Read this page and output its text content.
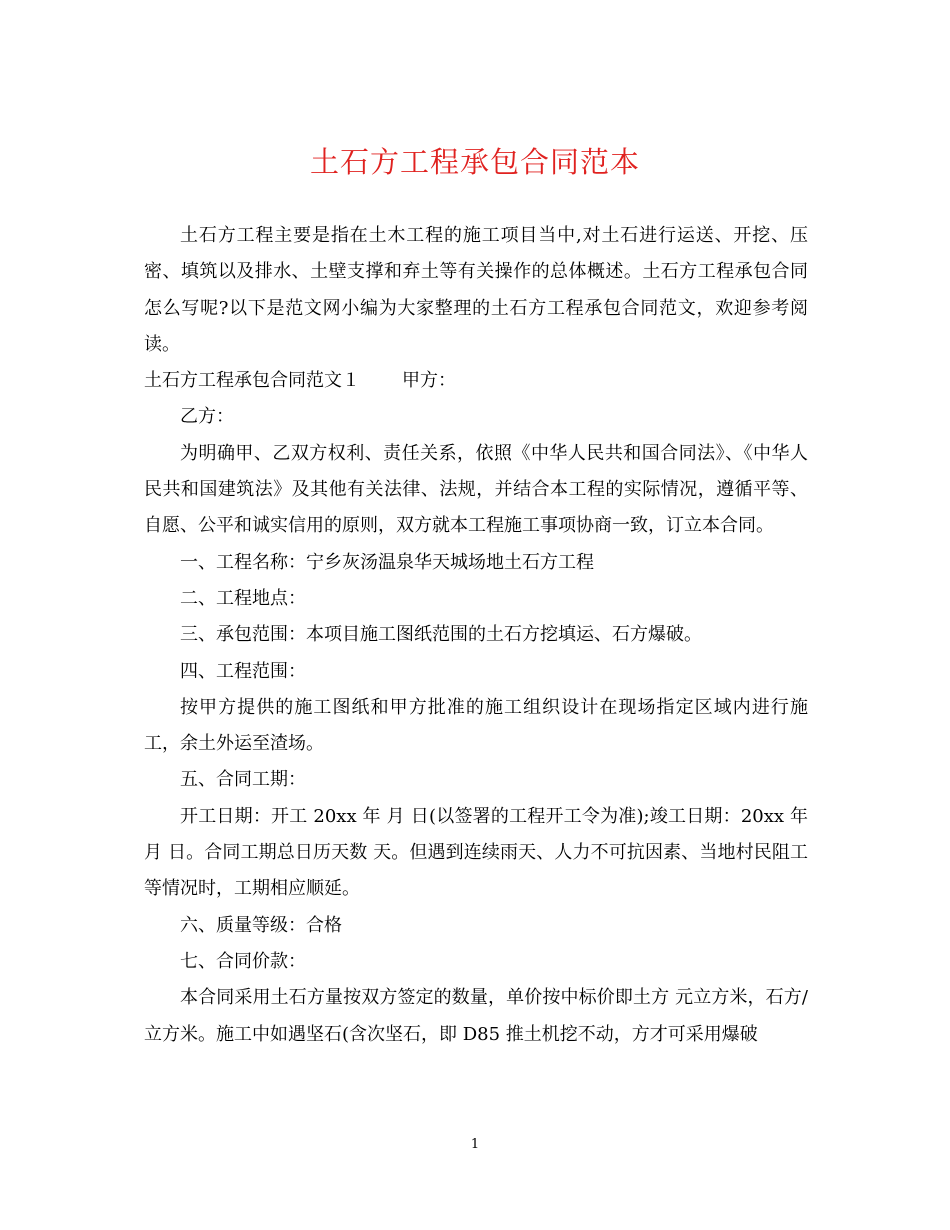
土石方工程承包合同范本

土石方工程主要是指在土木工程的施工项目当中,对土石进行运送、开挖、压密、填筑以及排水、土壁支撑和弃土等有关操作的总体概述。土石方工程承包合同怎么写呢?以下是范文网小编为大家整理的土石方工程承包合同范文，欢迎参考阅读。

土石方工程承包合同范文１ 甲方：

乙方：

为明确甲、乙双方权利、责任关系，依照《中华人民共和国合同法》、《中华人民共和国建筑法》及其他有关法律、法规，并结合本工程的实际情况，遵循平等、自愿、公平和诚实信用的原则，双方就本工程施工事项协商一致，订立本合同。

一、工程名称：宁乡灰汤温泉华天城场地土石方工程

二、工程地点：

三、承包范围：本项目施工图纸范围的土石方挖填运、石方爆破。

四、工程范围：

按甲方提供的施工图纸和甲方批准的施工组织设计在现场指定区域内进行施工，余土外运至渣场。

五、合同工期：

开工日期：开工 20xx 年 月 日(以签署的工程开工令为准);竣工日期：20xx 年 月 日。合同工期总日历天数 天。但遇到连续雨天、人力不可抗因素、当地村民阻工等情况时，工期相应顺延。

六、质量等级：合格

七、合同价款：

本合同采用土石方量按双方签定的数量，单价按中标价即土方 元立方米，石方/立方米。施工中如遇坚石(含次坚石，即 D85 推土机挖不动，方才可采用爆破

1
